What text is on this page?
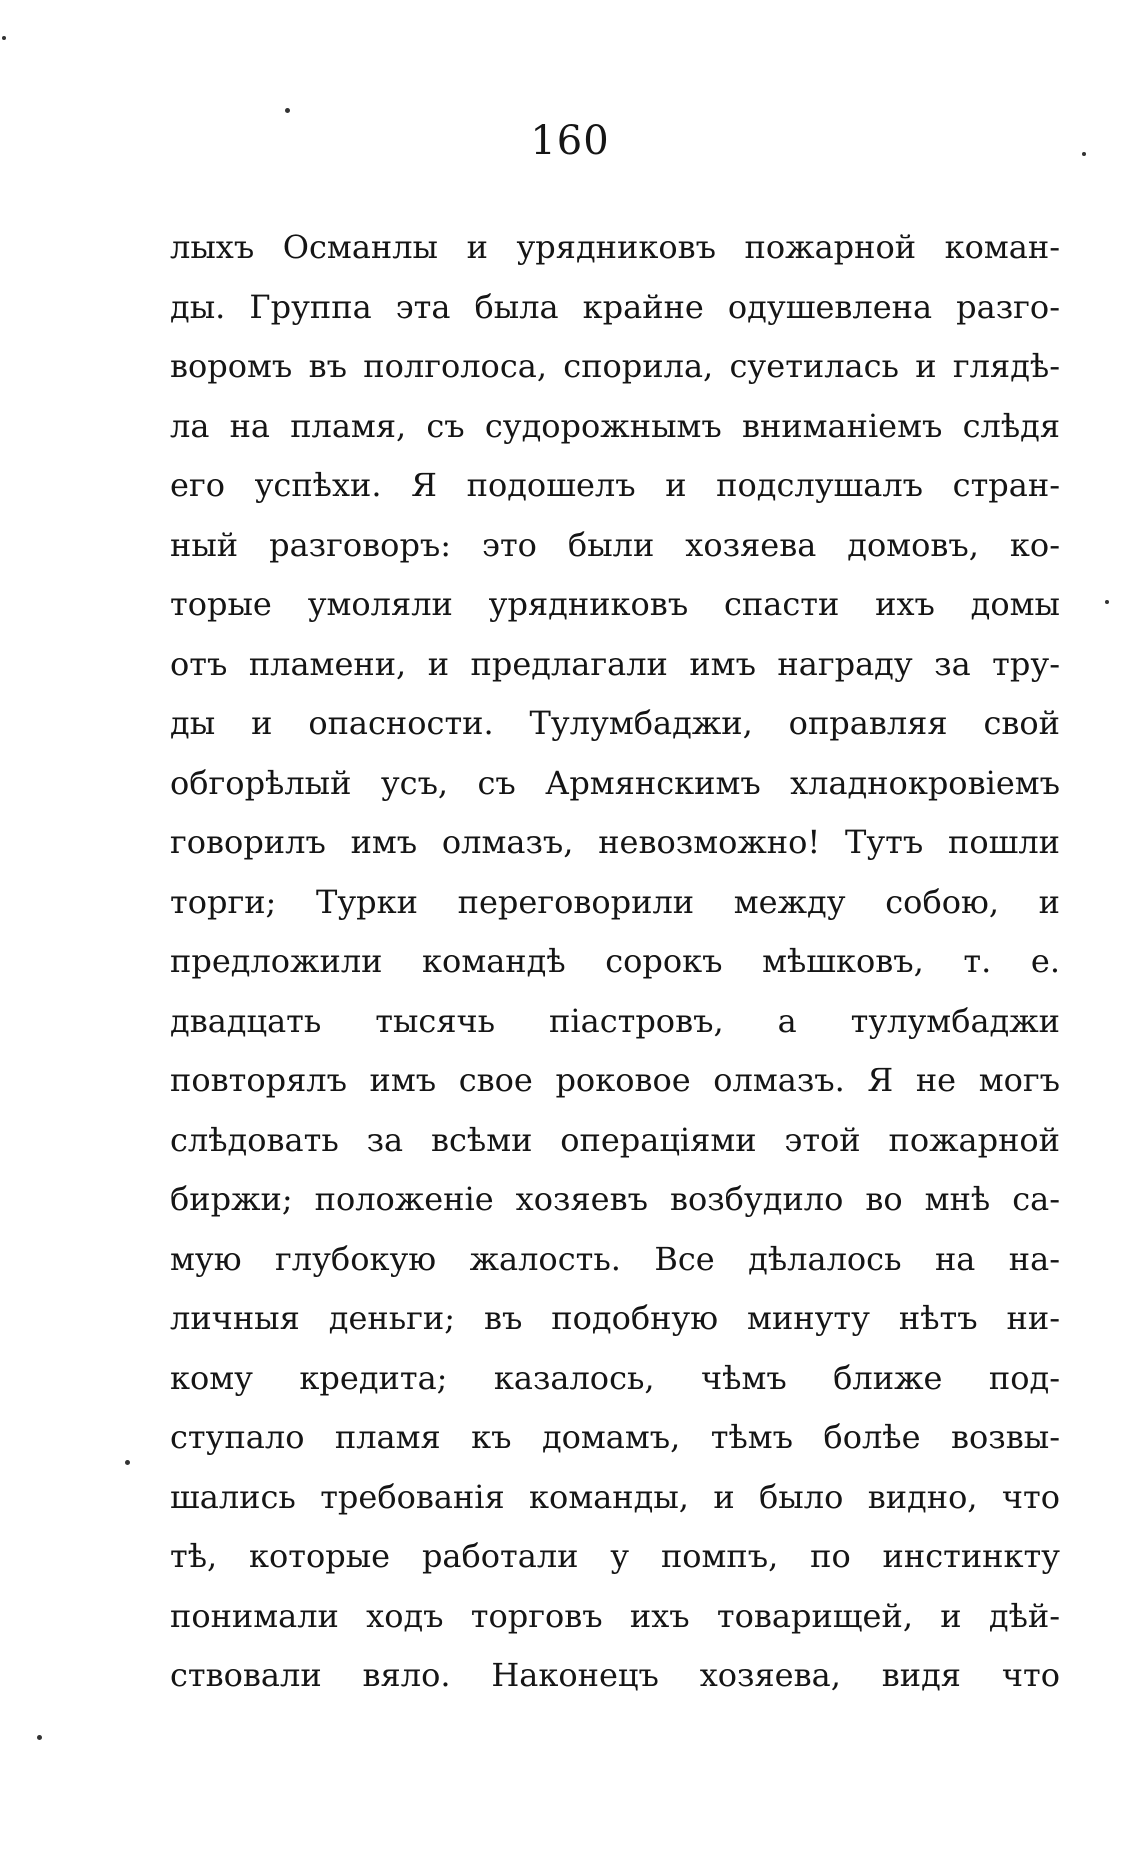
160
лыхъ Османлы и урядниковъ пожарной коман-
ды. Группа эта была крайне одушевлена разго-
воромъ въ полголоса, спорила, суетилась и глядѣ-
ла на пламя, съ судорожнымъ вниманіемъ слѣдя
его успѣхи. Я подошелъ и подслушалъ стран-
ный разговоръ: это были хозяева домовъ, ко-
торые умоляли урядниковъ спасти ихъ домы
отъ пламени, и предлагали имъ награду за тру-
ды и опасности. Тулумбаджи, оправляя свой
обгорѣлый усъ, съ Армянскимъ хладнокровіемъ
говорилъ имъ олмазъ, невозможно! Тутъ пошли
торги; Турки переговорили между собою, и
предложили командѣ сорокъ мѣшковъ, т. е.
двадцать тысячь піастровъ, а тулумбаджи
повторялъ имъ свое роковое олмазъ. Я не могъ
слѣдовать за всѣми операціями этой пожарной
биржи; положеніе хозяевъ возбудило во мнѣ са-
мую глубокую жалость. Все дѣлалось на на-
личныя деньги; въ подобную минуту нѣтъ ни-
кому кредита; казалось, чѣмъ ближе под-
ступало пламя къ домамъ, тѣмъ болѣе возвы-
шались требованія команды, и было видно, что
тѣ, которые работали у помпъ, по инстинкту
понимали ходъ торговъ ихъ товарищей, и дѣй-
ствовали вяло. Наконецъ хозяева, видя что
